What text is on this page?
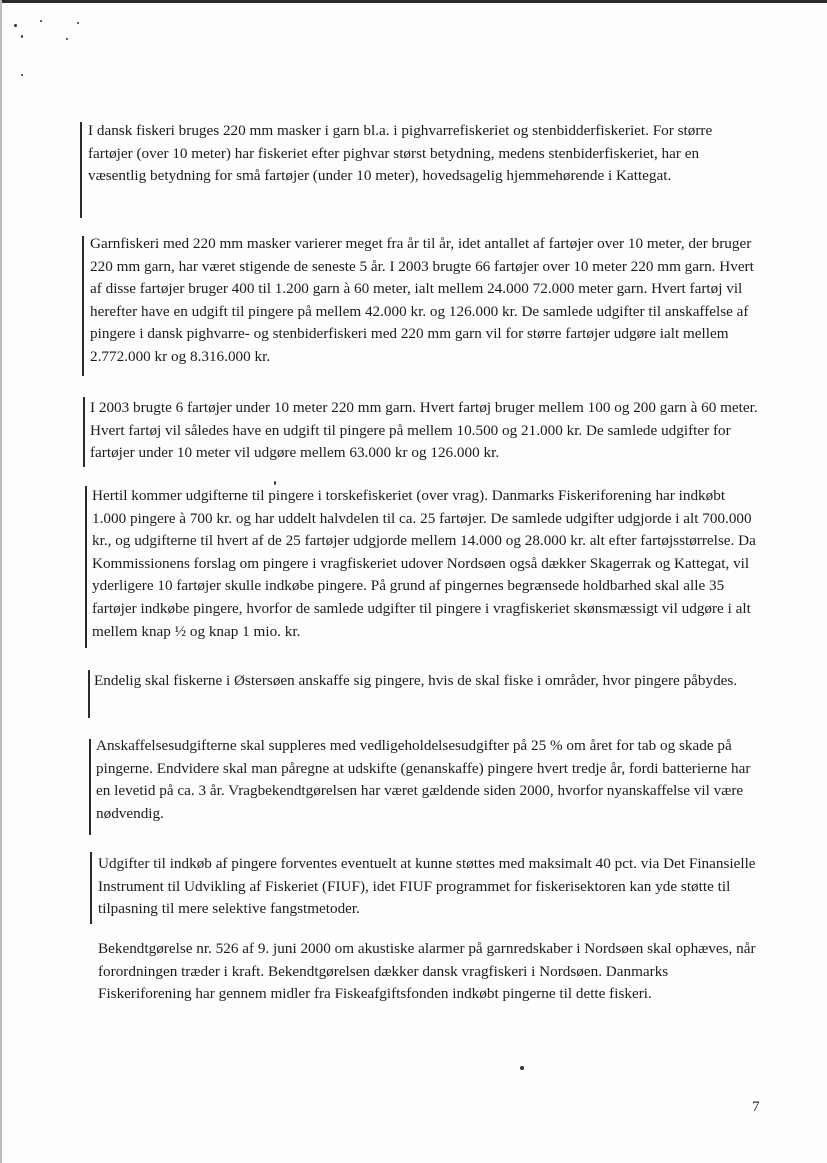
I dansk fiskeri bruges 220 mm masker i garn bl.a. i pighvarrefiskeriet og stenbidderfiskeriet. For større fartøjer (over 10 meter) har fiskeriet efter pighvar størst betydning, medens stenbiderfiskeriet, har en væsentlig betydning for små fartøjer (under 10 meter), hovedsagelig hjemmehørende i Kattegat.

Garnfiskeri med 220 mm masker varierer meget fra år til år, idet antallet af fartøjer over 10 meter, der bruger 220 mm garn, har været stigende de seneste 5 år. I 2003 brugte 66 fartøjer over 10 meter 220 mm garn. Hvert af disse fartøjer bruger 400 til 1.200 garn à 60 meter, ialt mellem 24.000 72.000 meter garn. Hvert fartøj vil herefter have en udgift til pingere på mellem 42.000 kr. og 126.000 kr. De samlede udgifter til anskaffelse af pingere i dansk pighvarre- og stenbiderfiskeri med 220 mm garn vil for større fartøjer udgøre ialt mellem 2.772.000 kr og 8.316.000 kr.

I 2003 brugte 6 fartøjer under 10 meter 220 mm garn. Hvert fartøj bruger mellem 100 og 200 garn à 60 meter. Hvert fartøj vil således have en udgift til pingere på mellem 10.500 og 21.000 kr. De samlede udgifter for fartøjer under 10 meter vil udgøre mellem 63.000 kr og 126.000 kr.

Hertil kommer udgifterne til pingere i torskefiskeriet (over vrag). Danmarks Fiskeriforening har indkøbt 1.000 pingere à 700 kr. og har uddelt halvdelen til ca. 25 fartøjer. De samlede udgifter udgjorde i alt 700.000 kr., og udgifterne til hvert af de 25 fartøjer udgjorde mellem 14.000 og 28.000 kr. alt efter fartøjsstørrelse. Da Kommissionens forslag om pingere i vragfiskeriet udover Nordsøen også dækker Skagerrak og Kattegat, vil yderligere 10 fartøjer skulle indkøbe pingere. På grund af pingernes begrænsede holdbarhed skal alle 35 fartøjer indkøbe pingere, hvorfor de samlede udgifter til pingere i vragfiskeriet skønsmæssigt vil udgøre i alt mellem knap ½ og knap 1 mio. kr.

Endelig skal fiskerne i Østersøen anskaffe sig pingere, hvis de skal fiske i områder, hvor pingere påbydes.

Anskaffelsesudgifterne skal suppleres med vedligeholdelsesudgifter på 25 % om året for tab og skade på pingerne. Endvidere skal man påregne at udskifte (genanskaffe) pingere hvert tredje år, fordi batterierne har en levetid på ca. 3 år. Vragbekendtgørelsen har været gældende siden 2000, hvorfor nyanskaffelse vil være nødvendig.

Udgifter til indkøb af pingere forventes eventuelt at kunne støttes med maksimalt 40 pct. via Det Finansielle Instrument til Udvikling af Fiskeriet (FIUF), idet FIUF programmet for fiskerisektoren kan yde støtte til tilpasning til mere selektive fangstmetoder.

Bekendtgørelse nr. 526 af 9. juni 2000 om akustiske alarmer på garnredskaber i Nordsøen skal ophæves, når forordningen træder i kraft. Bekendtgørelsen dækker dansk vragfiskeri i Nordsøen. Danmarks Fiskeriforening har gennem midler fra Fiskeafgiftsfonden indkøbt pingerne til dette fiskeri.

7
